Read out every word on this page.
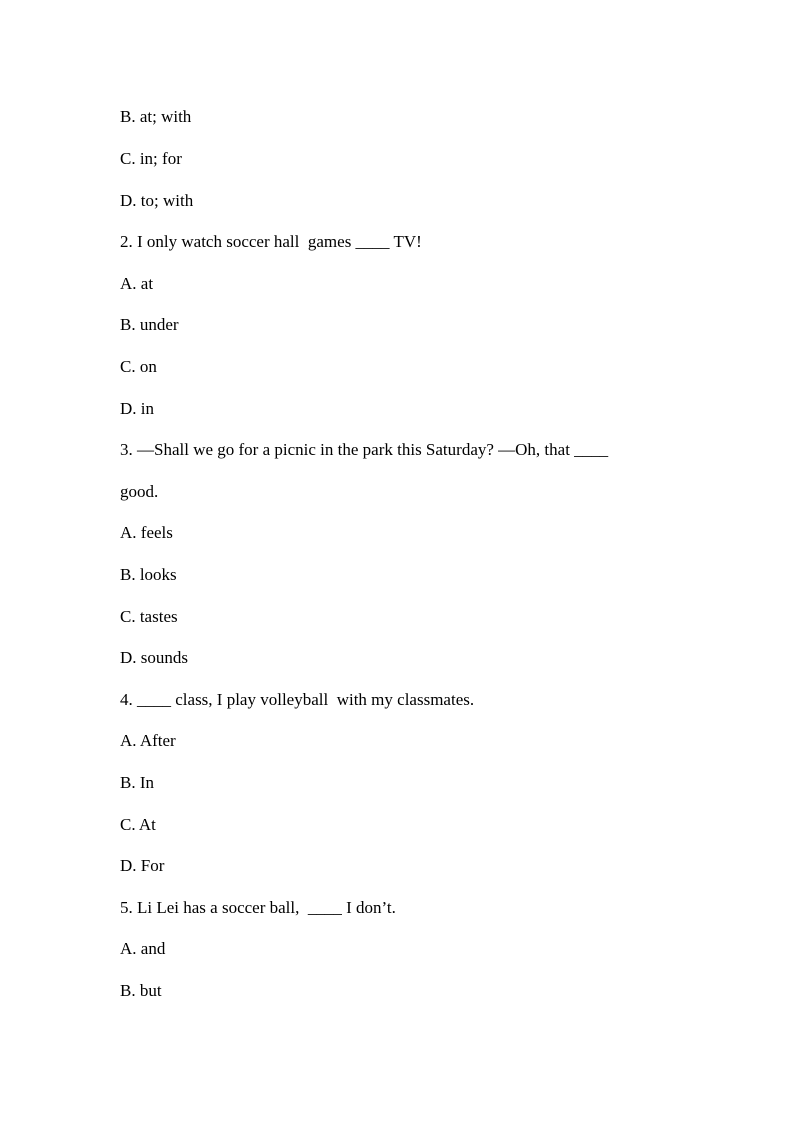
B. at; with
C. in; for
D. to; with
2. I only watch soccer hall  games ____ TV!
A. at
B. under
C. on
D. in
3. —Shall we go for a picnic in the park this Saturday? —Oh, that ____
good.
A. feels
B. looks
C. tastes
D. sounds
4. ____ class, I play volleyball  with my classmates.
A. After
B. In
C. At
D. For
5. Li Lei has a soccer ball,  ____ I don’t.
A. and
B. but
